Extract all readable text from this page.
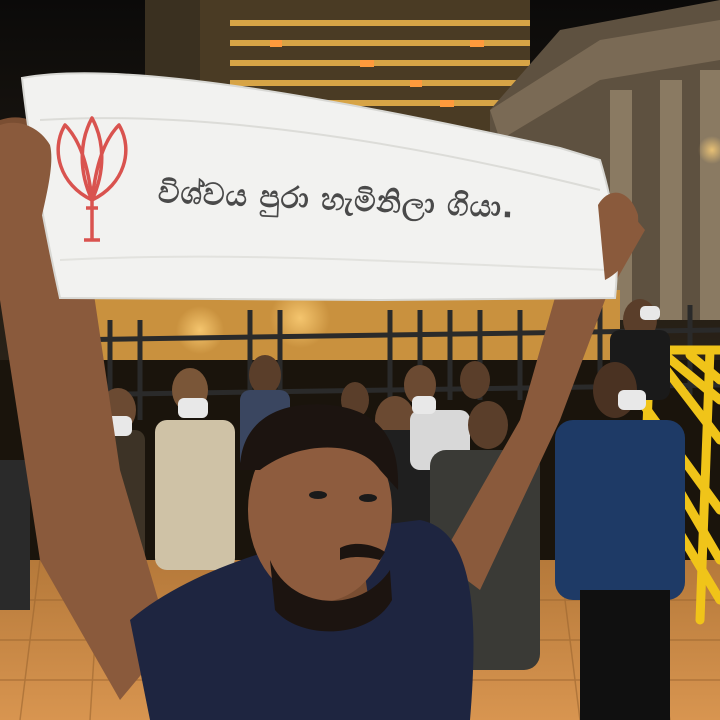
විශ්වය පුරා හැමිනිලා ගියා.
